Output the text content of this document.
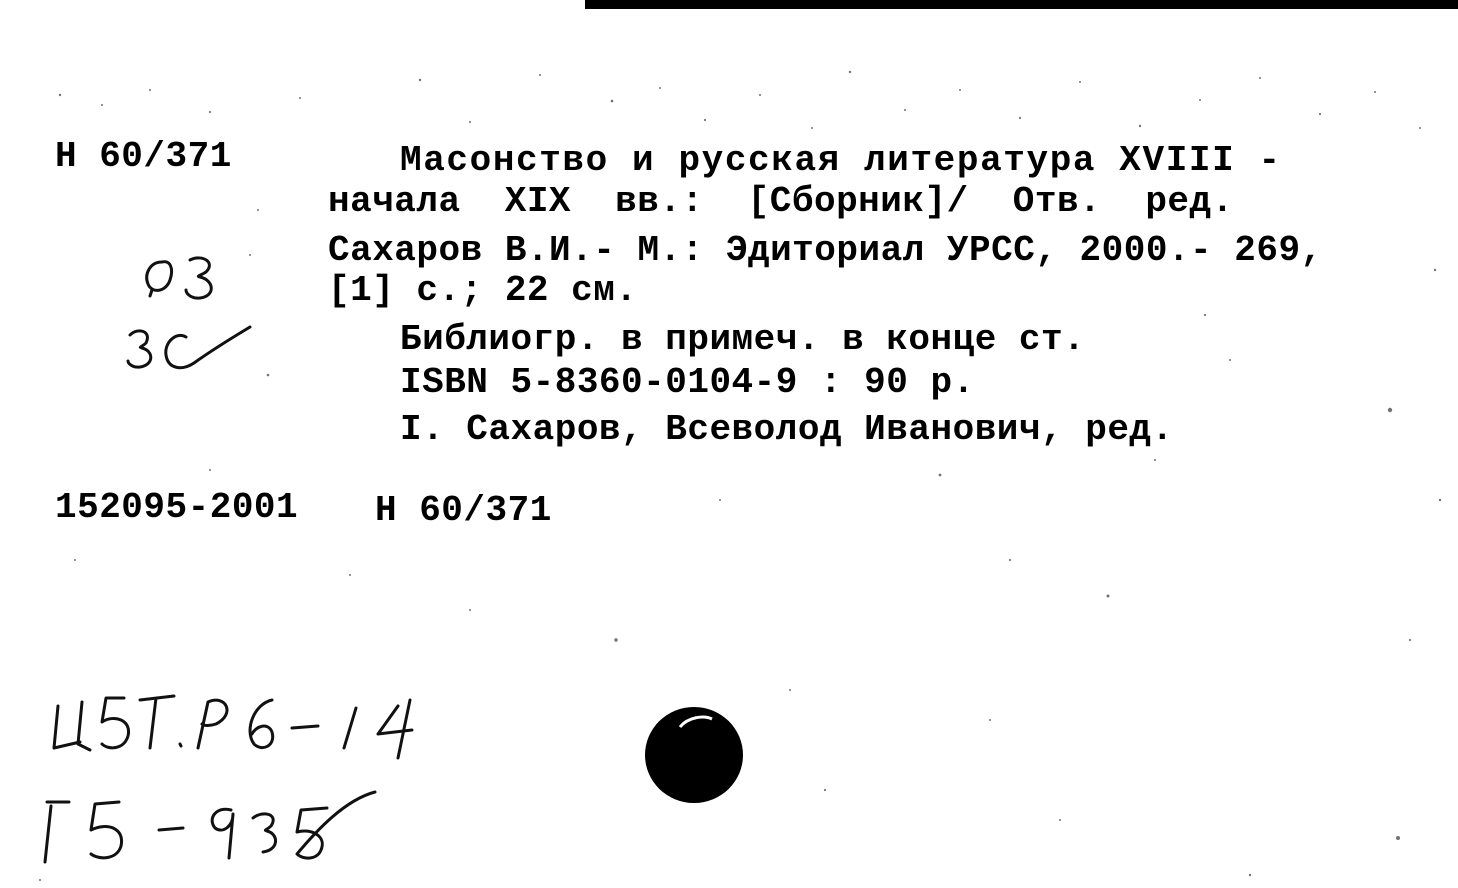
Н 60/371	Масонство и русская литература XVIII -
начала XIX вв.: [Сборник]/ Отв. ред.
Сахаров В.И.- М.: Эдиториал УРСС, 2000.- 269,
[1] с.; 22 см.
Библиогр. в примеч. в конце ст.
ISBN 5-8360-0104-9 : 90 р.
I. Сахаров, Всеволод Иванович, ред.
152095-2001 Н 60/371
